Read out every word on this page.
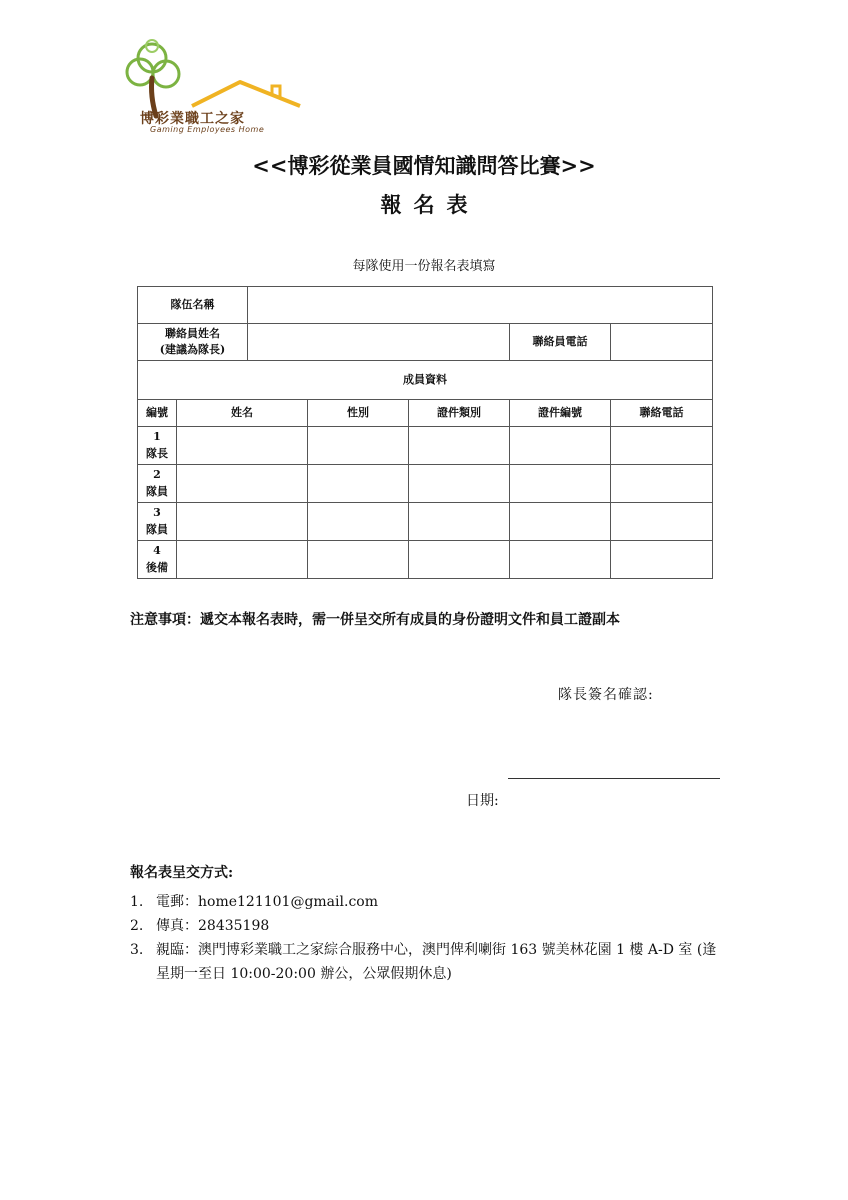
博彩業職工之家
Gaming Employees Home
<<博彩從業員國情知識問答比賽>>
報名表
每隊使用一份報名表填寫
隊伍名稱						

聯絡員姓名
(建議為隊長)					聯絡員電話	
成員資料						
編號	姓名		性別	證件類別	證件編號	聯絡電話

1
隊長						

2
隊員						

3
隊員						

4
後備						

注意事項：遞交本報名表時，需一併呈交所有成員的身份證明文件和員工證副本
隊長簽名確認:
日期:
報名表呈交方式:
1. 電郵：home121101@gmail.com
2. 傳真：28435198
3. 親臨：澳門博彩業職工之家綜合服務中心，澳門俾利喇街 163 號美林花園 1 樓 A-D 室 (逢星期一至日 10:00-20:00 辦公，公眾假期休息)
